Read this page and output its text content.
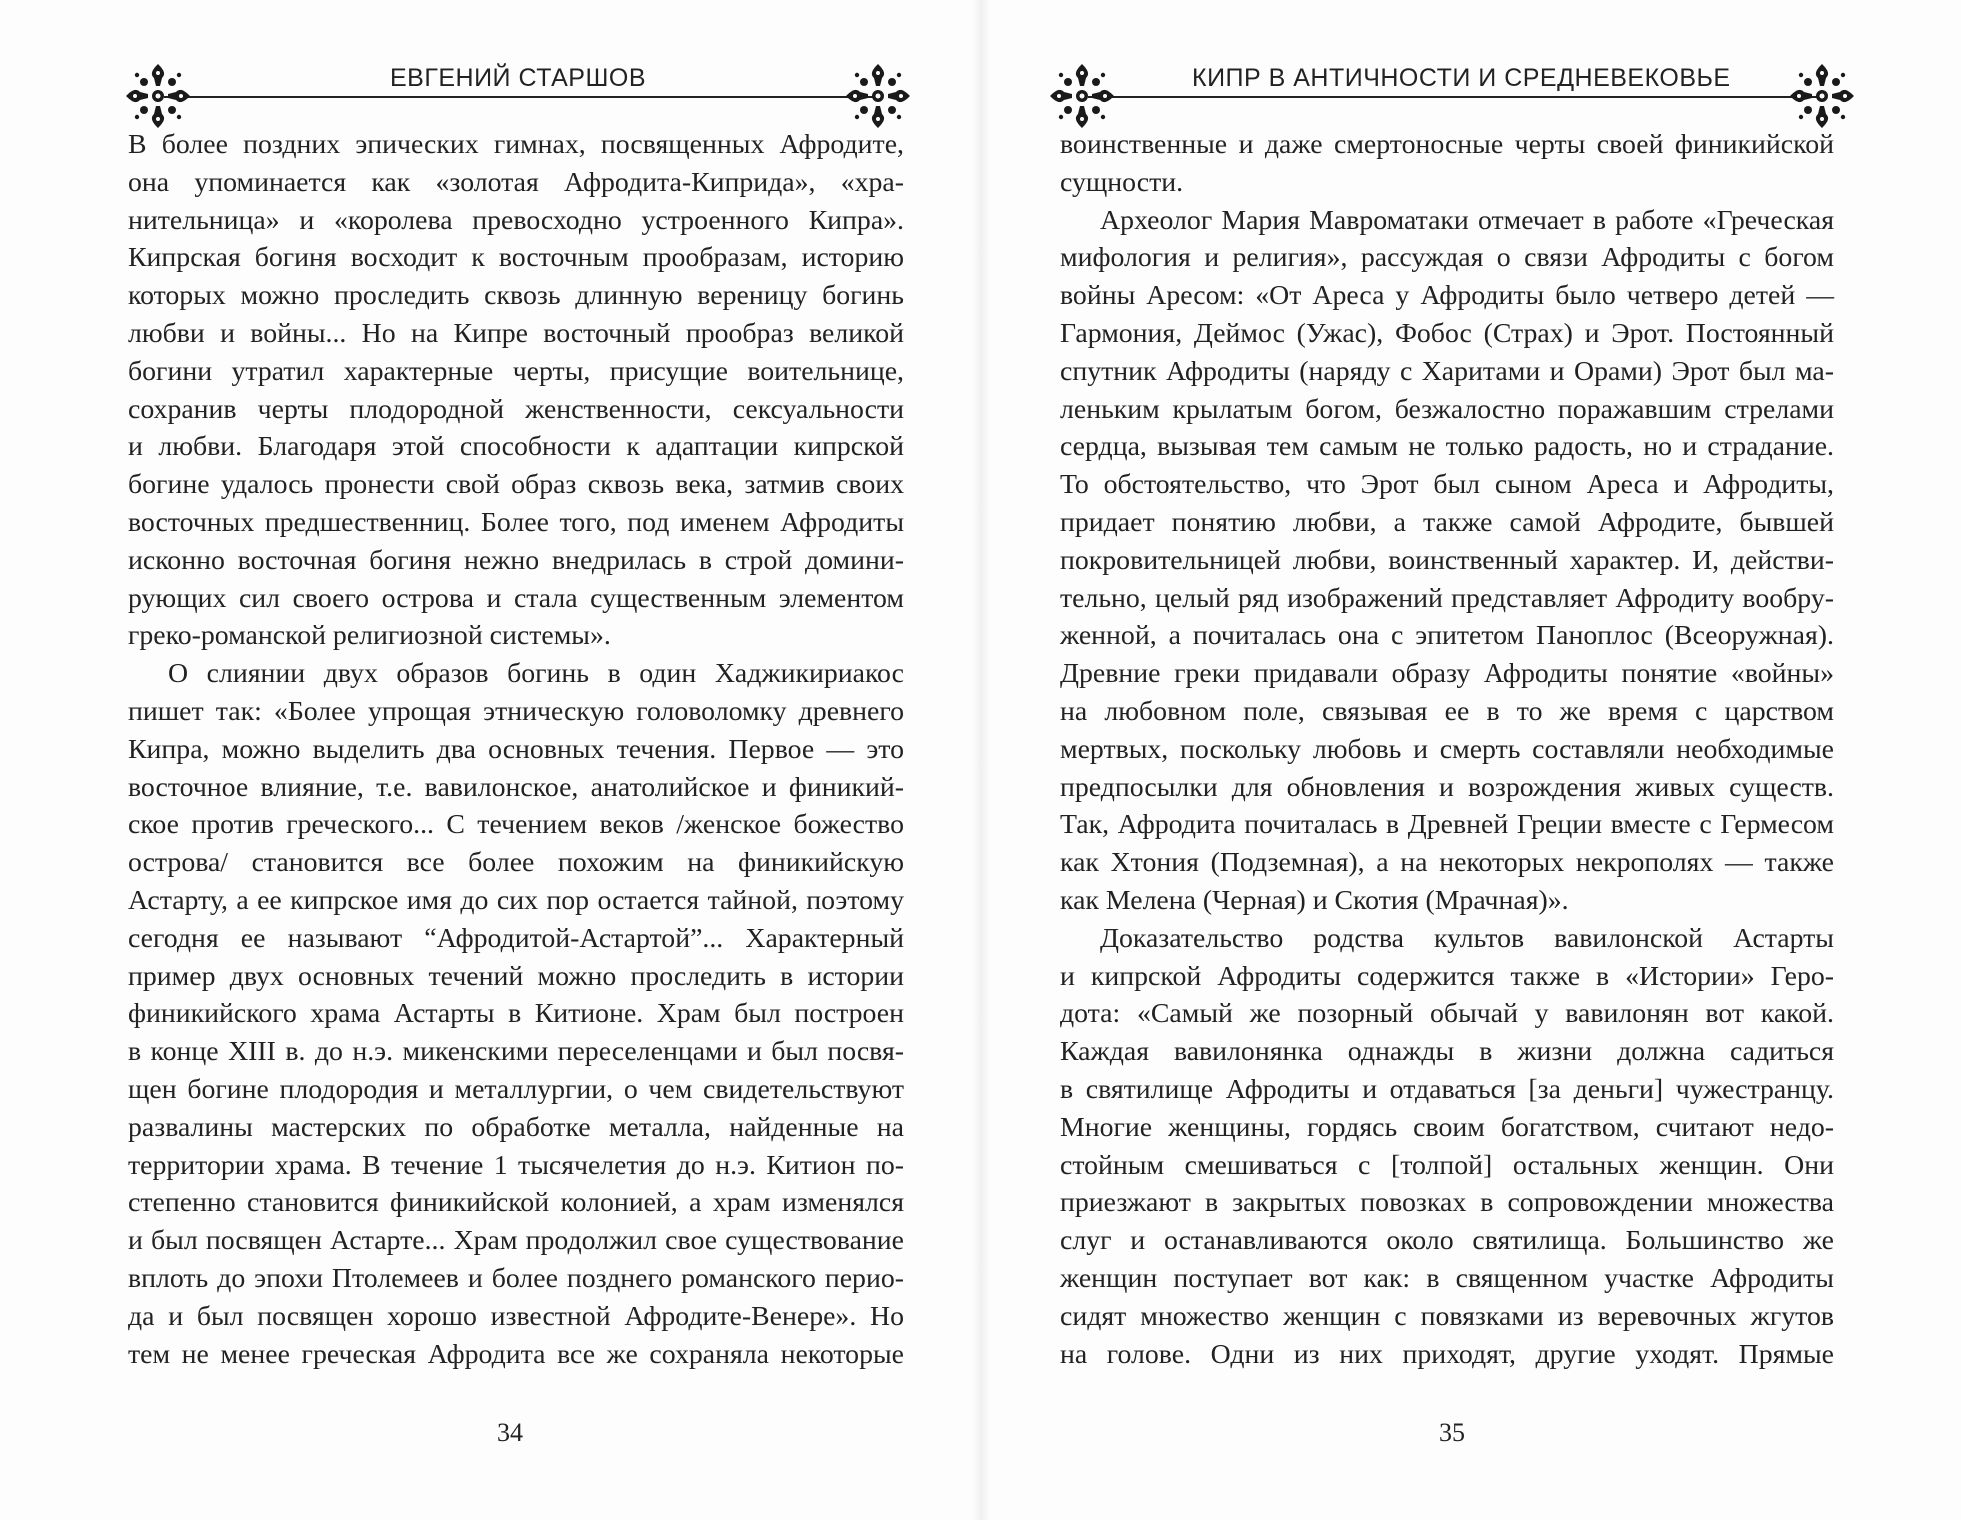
ЕВГЕНИЙ СТАРШОВ
В более поздних эпических гимнах, посвященных Афродите,
она упоминается как «золотая Афродита-Киприда», «хра-
нительница» и «королева превосходно устроенного Кипра».
Кипрская богиня восходит к восточным прообразам, историю
которых можно проследить сквозь длинную вереницу богинь
любви и войны... Но на Кипре восточный прообраз великой
богини утратил характерные черты, присущие воительнице,
сохранив черты плодородной женственности, сексуальности
и любви. Благодаря этой способности к адаптации кипрской
богине удалось пронести свой образ сквозь века, затмив своих
восточных предшественниц. Более того, под именем Афродиты
исконно восточная богиня нежно внедрилась в строй домини-
рующих сил своего острова и стала существенным элементом
греко-романской религиозной системы».
О слиянии двух образов богинь в один Хаджикириакос
пишет так: «Более упрощая этническую головоломку древнего
Кипра, можно выделить два основных течения. Первое — это
восточное влияние, т.е. вавилонское, анатолийское и финикий-
ское против греческого... С течением веков /женское божество
острова/ становится все более похожим на финикийскую
Астарту, а ее кипрское имя до сих пор остается тайной, поэтому
сегодня ее называют “Афродитой-Астартой”... Характерный
пример двух основных течений можно проследить в истории
финикийского храма Астарты в Китионе. Храм был построен
в конце XIII в. до н.э. микенскими переселенцами и был посвя-
щен богине плодородия и металлургии, о чем свидетельствуют
развалины мастерских по обработке металла, найденные на
территории храма. В течение 1 тысячелетия до н.э. Китион по-
степенно становится финикийской колонией, а храм изменялся
и был посвящен Астарте... Храм продолжил свое существование
вплоть до эпохи Птолемеев и более позднего романского перио-
да и был посвящен хорошо известной Афродите-Венере». Но
тем не менее греческая Афродита все же сохраняла некоторые
34
КИПР В АНТИЧНОСТИ И СРЕДНЕВЕКОВЬЕ
воинственные и даже смертоносные черты своей финикийской
сущности.
Археолог Мария Мавроматаки отмечает в работе «Греческая
мифология и религия», рассуждая о связи Афродиты с богом
войны Аресом: «От Ареса у Афродиты было четверо детей —
Гармония, Деймос (Ужас), Фобос (Страх) и Эрот. Постоянный
спутник Афродиты (наряду с Харитами и Орами) Эрот был ма-
леньким крылатым богом, безжалостно поражавшим стрелами
сердца, вызывая тем самым не только радость, но и страдание.
То обстоятельство, что Эрот был сыном Ареса и Афродиты,
придает понятию любви, а также самой Афродите, бывшей
покровительницей любви, воинственный характер. И, действи-
тельно, целый ряд изображений представляет Афродиту вообру-
женной, а почиталась она с эпитетом Паноплос (Всеоружная).
Древние греки придавали образу Афродиты понятие «войны»
на любовном поле, связывая ее в то же время с царством
мертвых, поскольку любовь и смерть составляли необходимые
предпосылки для обновления и возрождения живых существ.
Так, Афродита почиталась в Древней Греции вместе с Гермесом
как Хтония (Подземная), а на некоторых некрополях — также
как Мелена (Черная) и Скотия (Мрачная)».
Доказательство родства культов вавилонской Астарты
и кипрской Афродиты содержится также в «Истории» Геро-
дота: «Самый же позорный обычай у вавилонян вот какой.
Каждая вавилонянка однажды в жизни должна садиться
в святилище Афродиты и отдаваться [за деньги] чужестранцу.
Многие женщины, гордясь своим богатством, считают недо-
стойным смешиваться с [толпой] остальных женщин. Они
приезжают в закрытых повозках в сопровождении множества
слуг и останавливаются около святилища. Большинство же
женщин поступает вот как: в священном участке Афродиты
сидят множество женщин с повязками из веревочных жгутов
на голове. Одни из них приходят, другие уходят. Прямые
35
